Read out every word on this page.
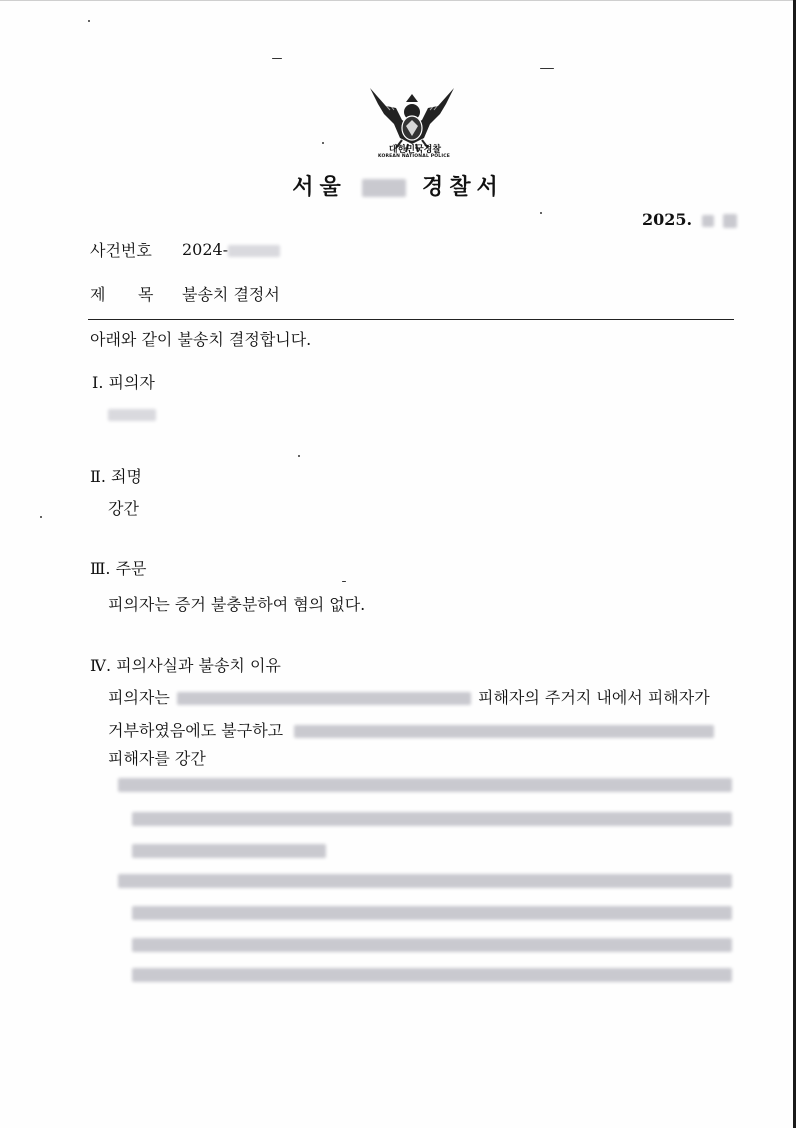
대한민국경찰
KOREAN NATIONAL POLICE
서울	경찰서
2025.
사건번호 2024-
제 목 불송치 결정서
아래와 같이 불송치 결정합니다.
Ⅰ. 피의자
Ⅱ. 죄명
강간
Ⅲ. 주문
피의자는 증거 불충분하여 혐의 없다.
Ⅳ. 피의사실과 불송치 이유
피의자는	피해자의 주거지 내에서 피해자가
거부하였음에도 불구하고
피해자를 강간
